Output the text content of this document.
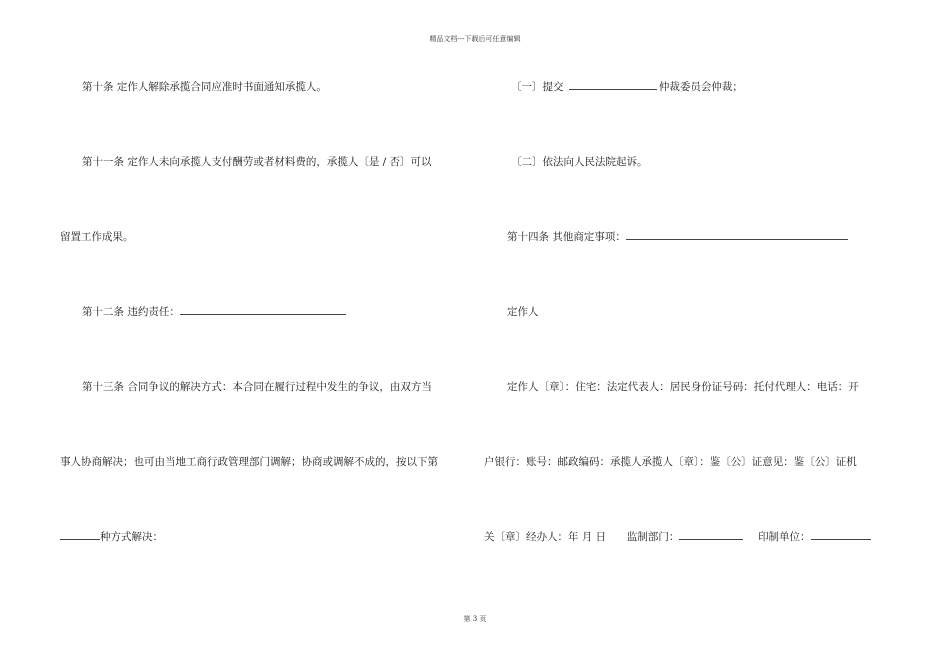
精品文档---下载后可任意编辑
第十条 定作人解除承揽合同应准时书面通知承揽人。
第十一条 定作人未向承揽人支付酬劳或者材料费的，承揽人〔是 / 否〕可以
留置工作成果。
第十二条 违约责任：
第十三条 合同争议的解决方式：本合同在履行过程中发生的争议，由双方当
事人协商解决；也可由当地工商行政管理部门调解；协商或调解不成的，按以下第
种方式解决：
〔一〕提交	仲裁委员会仲裁；
〔二〕依法向人民法院起诉。
第十四条 其他商定事项：
定作人
定作人〔章〕：住宅：法定代表人：居民身份证号码：托付代理人：电话：开
户银行：账号：邮政编码：承揽人承揽人〔章〕：鉴〔公〕证意见：鉴〔公〕证机
关〔章〕经办人：年 月 日 监制部门：	印制单位：
第 3 页
